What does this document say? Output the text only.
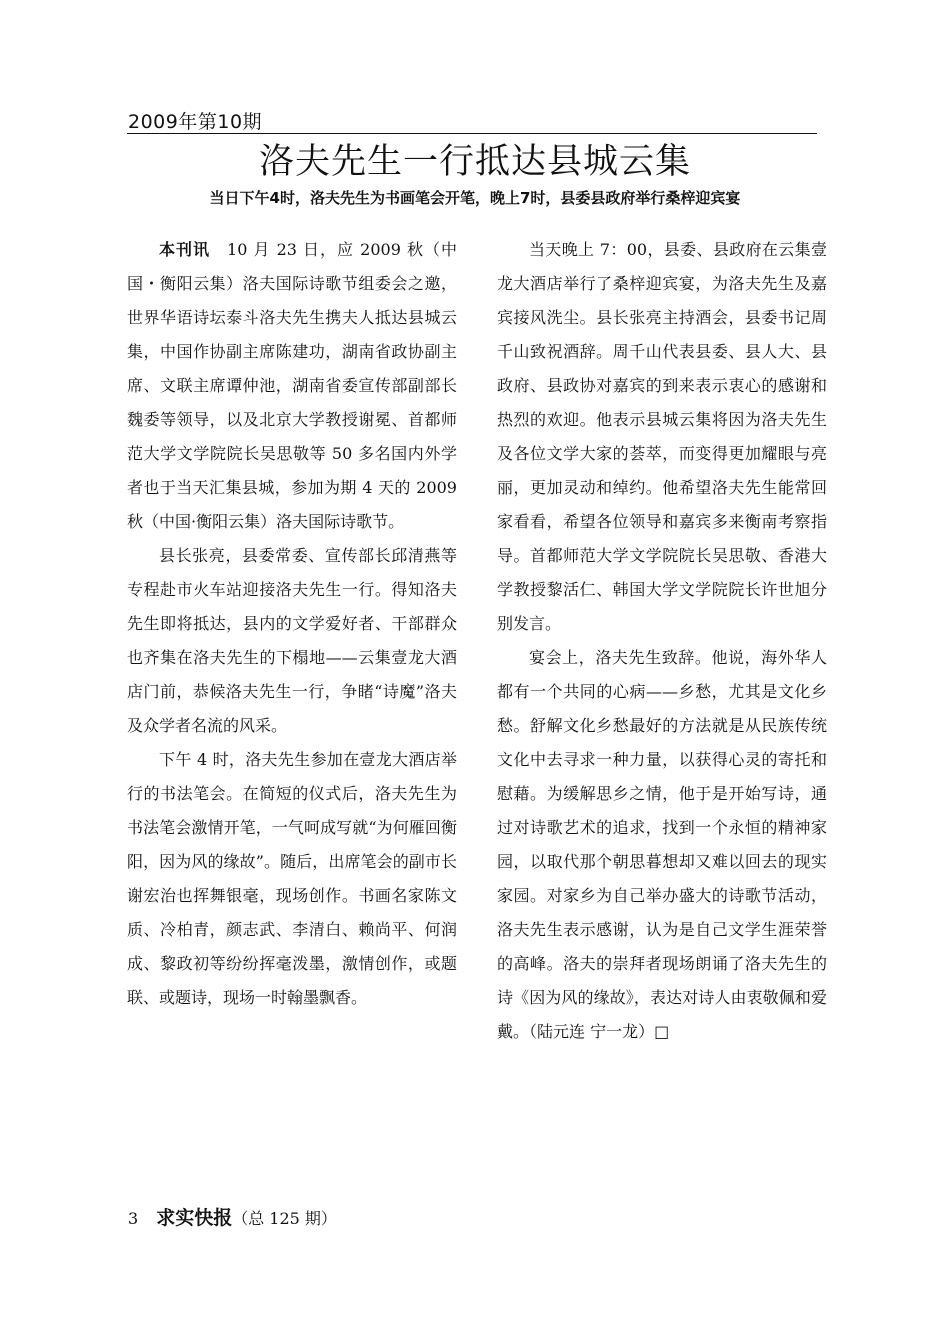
2009年第10期
洛夫先生一行抵达县城云集
当日下午4时，洛夫先生为书画笔会开笔，晚上7时，县委县政府举行桑梓迎宾宴

本刊讯　 10 月 23 日，应 2009 秋（中国・衡阳云集）洛夫国际诗歌节组委会之邀，世界华语诗坛泰斗洛夫先生携夫人抵达县城云集，中国作协副主席陈建功，湖南省政协副主席、文联主席谭仲池，湖南省委宣传部副部长魏委等领导，以及北京大学教授谢冕、首都师范大学文学院院长吴思敬等 50 多名国内外学者也于当天汇集县城，参加为期 4 天的 2009 秋（中国·衡阳云集）洛夫国际诗歌节。

县长张亮，县委常委、宣传部长邱清燕等专程赴市火车站迎接洛夫先生一行。得知洛夫先生即将抵达，县内的文学爱好者、干部群众也齐集在洛夫先生的下榻地——云集壹龙大酒店门前，恭候洛夫先生一行，争睹“诗魔”洛夫及众学者名流的风采。

下午 4 时，洛夫先生参加在壹龙大酒店举行的书法笔会。在简短的仪式后，洛夫先生为书法笔会激情开笔，一气呵成写就“为何雁回衡阳，因为风的缘故”。随后，出席笔会的副市长谢宏治也挥舞银毫，现场创作。书画名家陈文质、冷柏青，颜志武、李清白、赖尚平、何润成、黎政初等纷纷挥毫泼墨，激情创作，或题联、或题诗，现场一时翰墨飘香。

当天晚上 7：00，县委、县政府在云集壹龙大酒店举行了桑梓迎宾宴，为洛夫先生及嘉宾接风洗尘。县长张亮主持酒会，县委书记周千山致祝酒辞。周千山代表县委、县人大、县政府、县政协对嘉宾的到来表示衷心的感谢和热烈的欢迎。他表示县城云集将因为洛夫先生及各位文学大家的荟萃，而变得更加耀眼与亮丽，更加灵动和绰约。他希望洛夫先生能常回家看看，希望各位领导和嘉宾多来衡南考察指导。首都师范大学文学院院长吴思敬、香港大学教授黎活仁、韩国大学文学院院长许世旭分别发言。

宴会上，洛夫先生致辞。他说，海外华人都有一个共同的心病——乡愁，尤其是文化乡愁。舒解文化乡愁最好的方法就是从民族传统文化中去寻求一种力量，以获得心灵的寄托和慰藉。为缓解思乡之情，他于是开始写诗，通过对诗歌艺术的追求，找到一个永恒的精神家园，以取代那个朝思暮想却又难以回去的现实家园。对家乡为自己举办盛大的诗歌节活动，洛夫先生表示感谢，认为是自己文学生涯荣誉的高峰。洛夫的崇拜者现场朗诵了洛夫先生的诗《因为风的缘故》，表达对诗人由衷敬佩和爱戴。（陆元连 宁一龙）□

3 求实快报（总 125 期）
